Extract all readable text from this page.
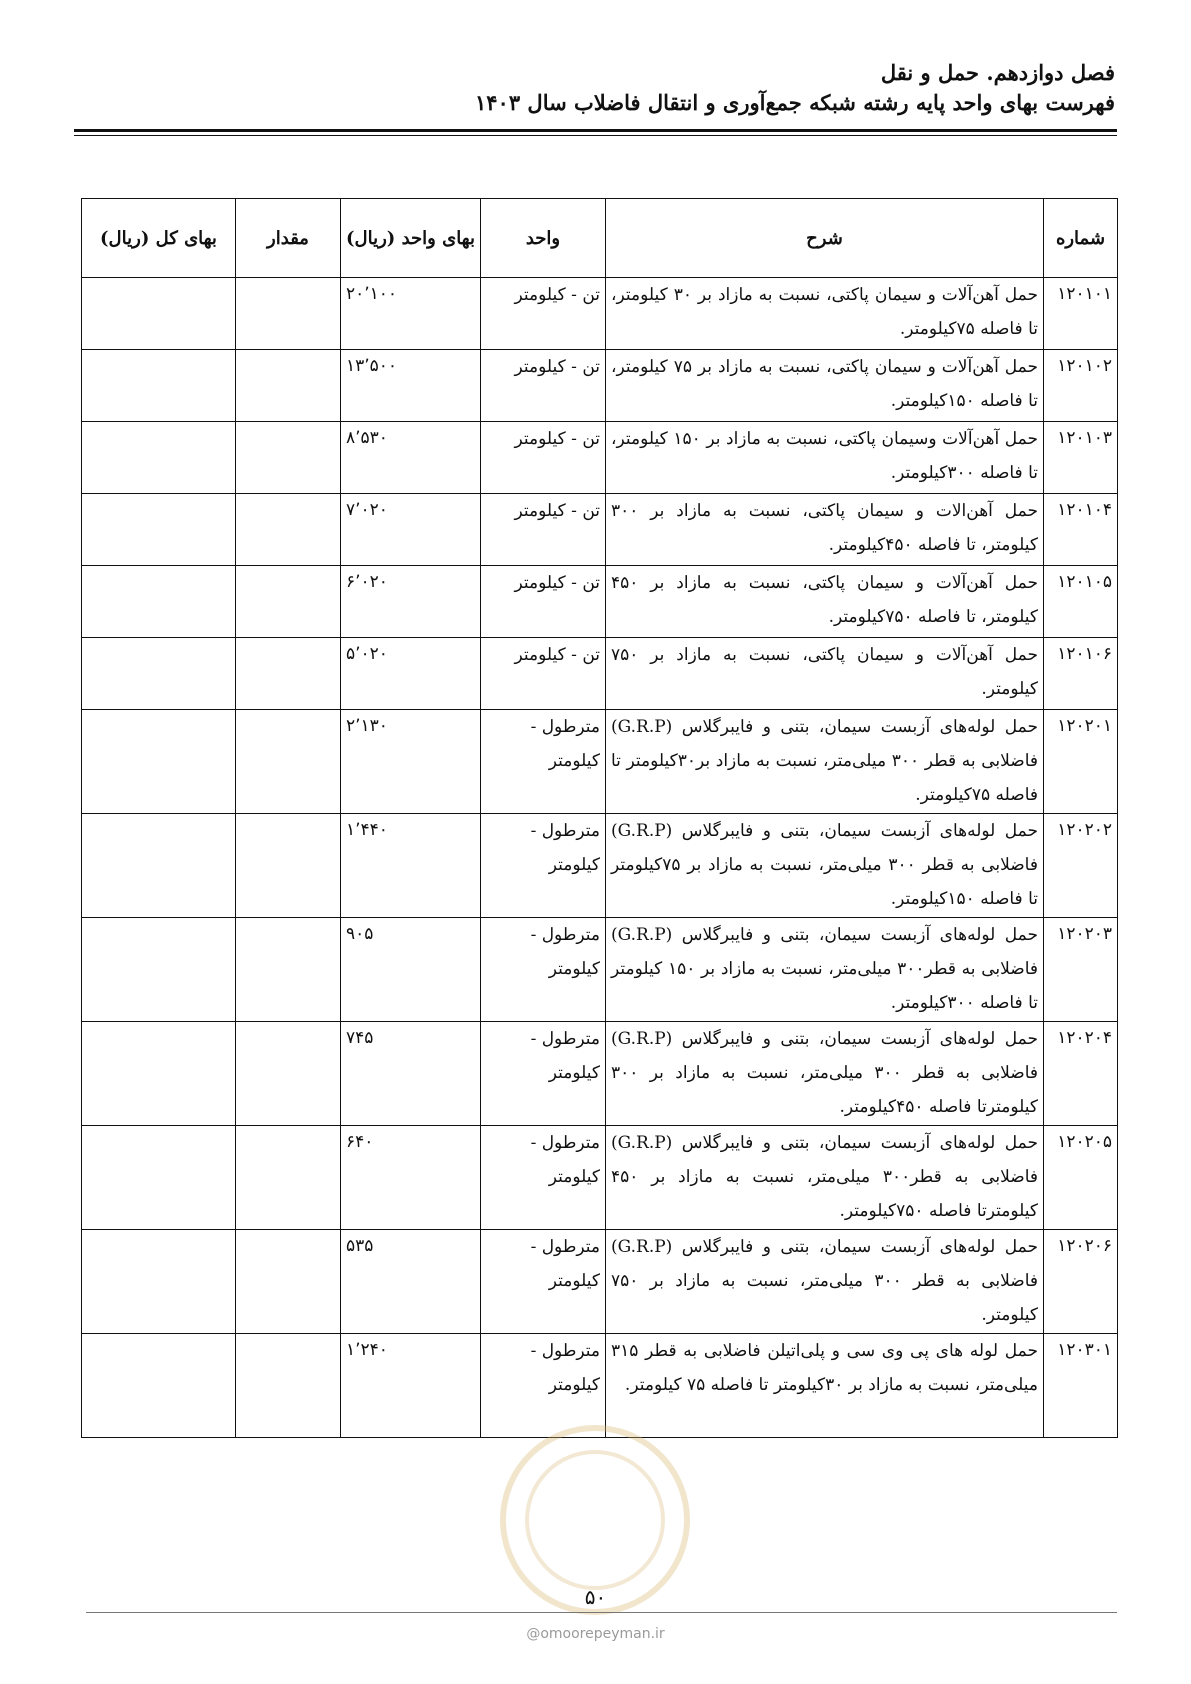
فصل دوازدهم. حمل و نقل
فهرست بهای واحد پایه رشته شبکه جمع‌آوری و انتقال فاضلاب سال ۱۴۰۳
شماره	شرح	واحد	بهای واحد (ریال)	مقدار	بهای کل (ریال)
۱۲۰۱۰۱	حمل آهن‌آلات و سیمان پاکتی، نسبت به مازاد بر ۳۰ کیلومتر، تا فاصله ۷۵کیلومتر.	تن - کیلومتر	۲۰٬۱۰۰		
۱۲۰۱۰۲	حمل آهن‌آلات و سیمان پاکتی، نسبت به مازاد بر ۷۵ کیلومتر، تا فاصله ۱۵۰کیلومتر.	تن - کیلومتر	۱۳٬۵۰۰		
۱۲۰۱۰۳	حمل آهن‌آلات وسیمان پاکتی، نسبت به مازاد بر ۱۵۰ کیلومتر، تا فاصله ۳۰۰کیلومتر.	تن - کیلومتر	۸٬۵۳۰		
۱۲۰۱۰۴	حمل آهن‌الات و سیمان پاکتی، نسبت به مازاد بر ۳۰۰ کیلومتر، تا فاصله ۴۵۰کیلومتر.	تن - کیلومتر	۷٬۰۲۰		
۱۲۰۱۰۵	حمل آهن‌آلات و سیمان پاکتی، نسبت به مازاد بر ۴۵۰ کیلومتر، تا فاصله ۷۵۰کیلومتر.	تن - کیلومتر	۶٬۰۲۰		
۱۲۰۱۰۶	حمل آهن‌آلات و سیمان پاکتی، نسبت به مازاد بر ۷۵۰ کیلومتر.	تن - کیلومتر	۵٬۰۲۰		
۱۲۰۲۰۱	حمل لوله‌های آزبست سیمان، بتنی و فایبرگلاس (G.R.P) فاضلابی به قطر ۳۰۰ میلی‌متر، نسبت به مازاد بر۳۰کیلومتر تا فاصله ۷۵کیلومتر.	مترطول - کیلومتر	۲٬۱۳۰		
۱۲۰۲۰۲	حمل لوله‌های آزبست سیمان، بتنی و فایبرگلاس (G.R.P) فاضلابی به قطر ۳۰۰ میلی‌متر، نسبت به مازاد بر ۷۵کیلومتر تا فاصله ۱۵۰کیلومتر.	مترطول - کیلومتر	۱٬۴۴۰		
۱۲۰۲۰۳	حمل لوله‌های آزبست سیمان، بتنی و فایبرگلاس (G.R.P) فاضلابی به قطر۳۰۰ میلی‌متر، نسبت به مازاد بر ۱۵۰ کیلومتر تا فاصله ۳۰۰کیلومتر.	مترطول - کیلومتر	۹۰۵		
۱۲۰۲۰۴	حمل لوله‌های آزبست سیمان، بتنی و فایبرگلاس (G.R.P) فاضلابی به قطر ۳۰۰ میلی‌متر، نسبت به مازاد بر ۳۰۰ کیلومترتا فاصله ۴۵۰کیلومتر.	مترطول - کیلومتر	۷۴۵		
۱۲۰۲۰۵	حمل لوله‌های آزبست سیمان، بتنی و فایبرگلاس (G.R.P) فاضلابی به قطر۳۰۰ میلی‌متر، نسبت به مازاد بر ۴۵۰ کیلومترتا فاصله ۷۵۰کیلومتر.	مترطول - کیلومتر	۶۴۰		
۱۲۰۲۰۶	حمل لوله‌های آزبست سیمان، بتنی و فایبرگلاس (G.R.P) فاضلابی به قطر ۳۰۰ میلی‌متر، نسبت به مازاد بر ۷۵۰ کیلومتر.	مترطول - کیلومتر	۵۳۵		
۱۲۰۳۰۱	حمل لوله های پی وی سی و پلی‌اتیلن فاضلابی به قطر ۳۱۵ میلی‌متر، نسبت به مازاد بر ۳۰کیلومتر تا فاصله ۷۵ کیلومتر.	مترطول - کیلومتر	۱٬۲۴۰		
۵۰
@omoorepeyman.ir
